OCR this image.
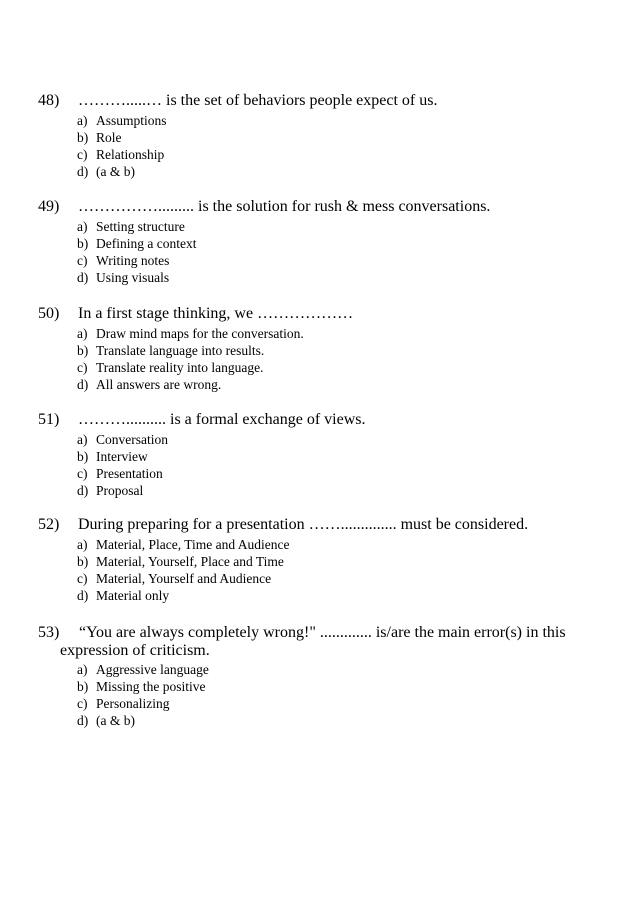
48) ……….....… is the set of behaviors people expect of us.
a) Assumptions
b) Role
c) Relationship
d) (a & b)
49) ……………......... is the solution for rush & mess conversations.
a) Setting structure
b) Defining a context
c) Writing notes
d) Using visuals
50) In a first stage thinking, we ………………
a) Draw mind maps for the conversation.
b) Translate language into results.
c) Translate reality into language.
d) All answers are wrong.
51) ……….......... is a formal exchange of views.
a) Conversation
b) Interview
c) Presentation
d) Proposal
52) During preparing for a presentation …….............. must be considered.
a) Material, Place, Time and Audience
b) Material, Yourself, Place and Time
c) Material, Yourself and Audience
d) Material only
53)	“You are always completely wrong!" ............. is/are the main error(s) in this expression of criticism.
a) Aggressive language
b) Missing the positive
c) Personalizing
d) (a & b)
